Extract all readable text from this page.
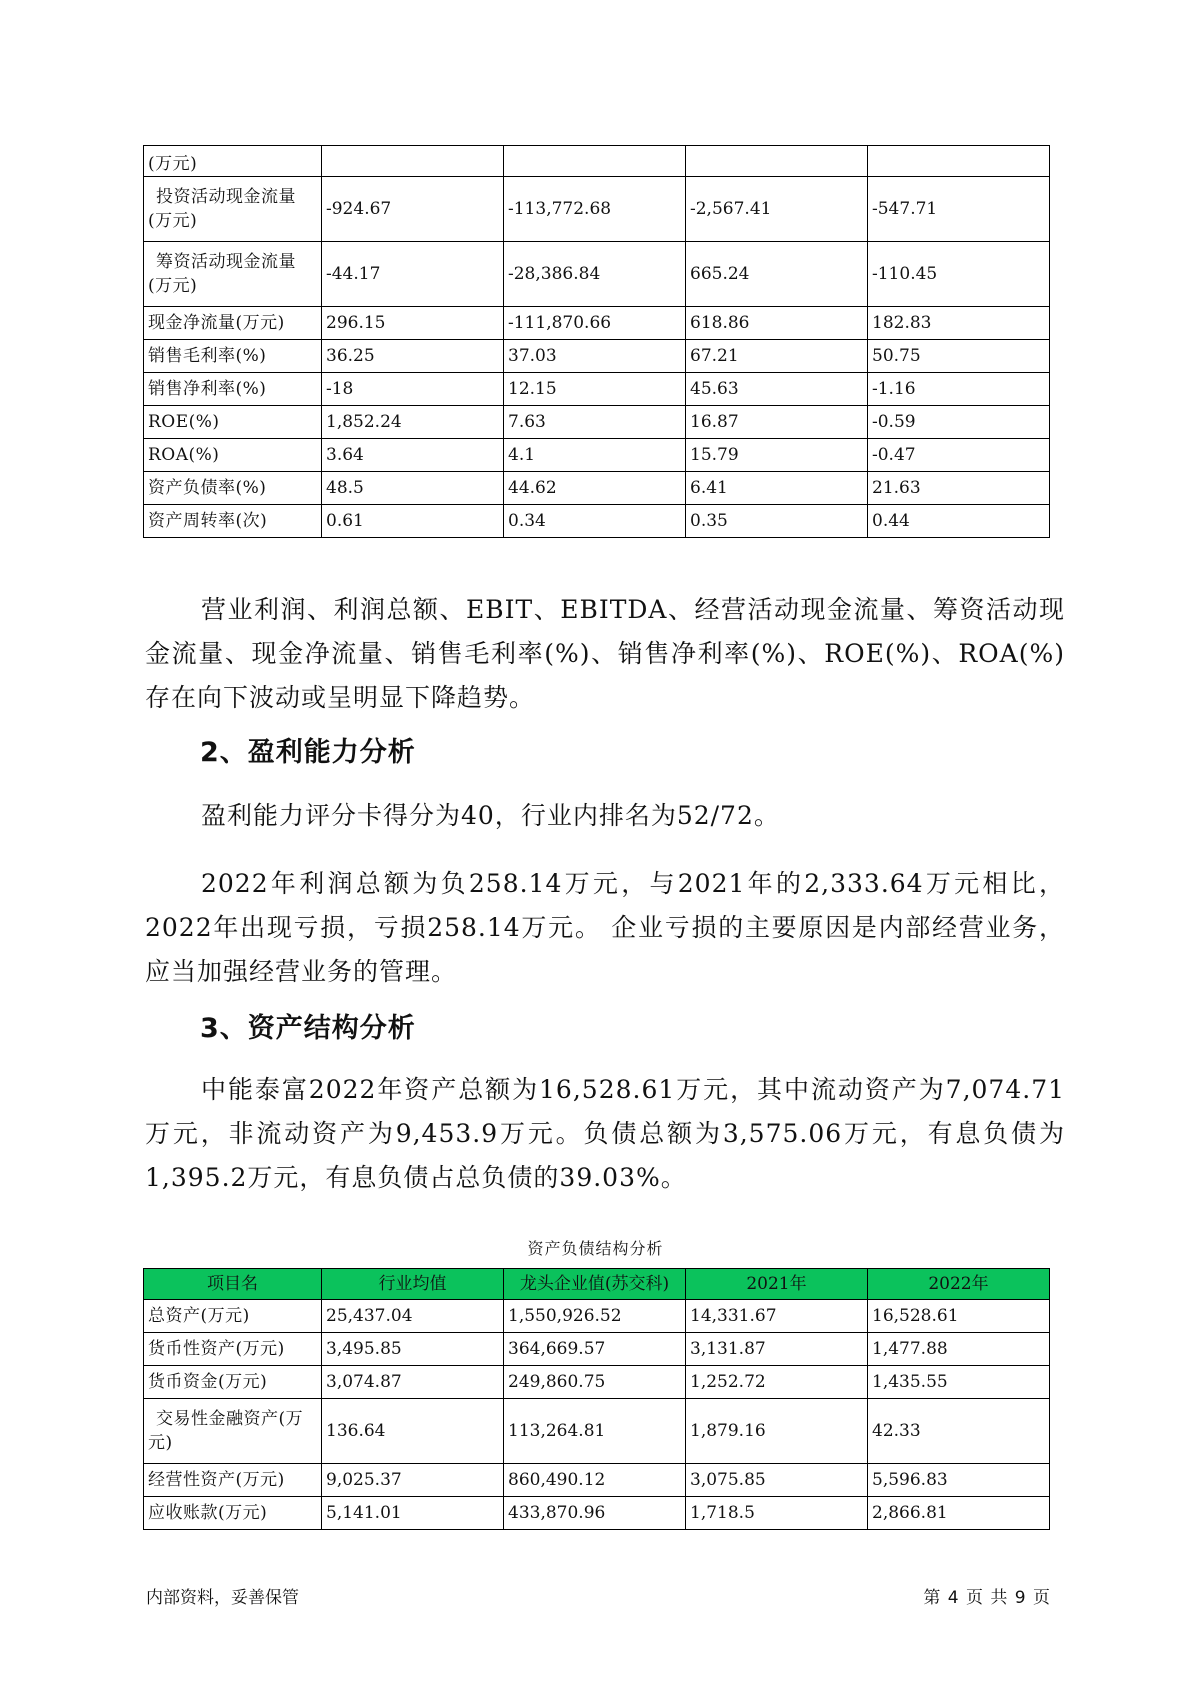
(万元)				
投资活动现金流量(万元)	-924.67	-113,772.68	-2,567.41	-547.71
筹资活动现金流量(万元)	-44.17	-28,386.84	665.24	-110.45
现金净流量(万元)	296.15	-111,870.66	618.86	182.83
销售毛利率(%)	36.25	37.03	67.21	50.75
销售净利率(%)	-18	12.15	45.63	-1.16
ROE(%)	1,852.24	7.63	16.87	-0.59
ROA(%)	3.64	4.1	15.79	-0.47
资产负债率(%)	48.5	44.62	6.41	21.63
资产周转率(次)	0.61	0.34	0.35	0.44
营业利润、利润总额、EBIT、EBITDA、经营活动现金流量、筹资活动现金流量、现金净流量、销售毛利率(%)、销售净利率(%)、ROE(%)、ROA(%)存在向下波动或呈明显下降趋势。
2、盈利能力分析
盈利能力评分卡得分为40，行业内排名为52/72。
2022年利润总额为负258.14万元，与2021年的2,333.64万元相比，2022年出现亏损，亏损258.14万元。 企业亏损的主要原因是内部经营业务，应当加强经营业务的管理。
3、资产结构分析
中能泰富2022年资产总额为16,528.61万元，其中流动资产为7,074.71万元，非流动资产为9,453.9万元。负债总额为3,575.06万元，有息负债为1,395.2万元，有息负债占总负债的39.03%。
资产负债结构分析
项目名	行业均值	龙头企业值(苏交科)	2021年	2022年
总资产(万元)	25,437.04	1,550,926.52	14,331.67	16,528.61
货币性资产(万元)	3,495.85	364,669.57	3,131.87	1,477.88
货币资金(万元)	3,074.87	249,860.75	1,252.72	1,435.55
交易性金融资产(万元)	136.64	113,264.81	1,879.16	42.33
经营性资产(万元)	9,025.37	860,490.12	3,075.85	5,596.83
应收账款(万元)	5,141.01	433,870.96	1,718.5	2,866.81
内部资料，妥善保管	第 4 页 共 9 页
